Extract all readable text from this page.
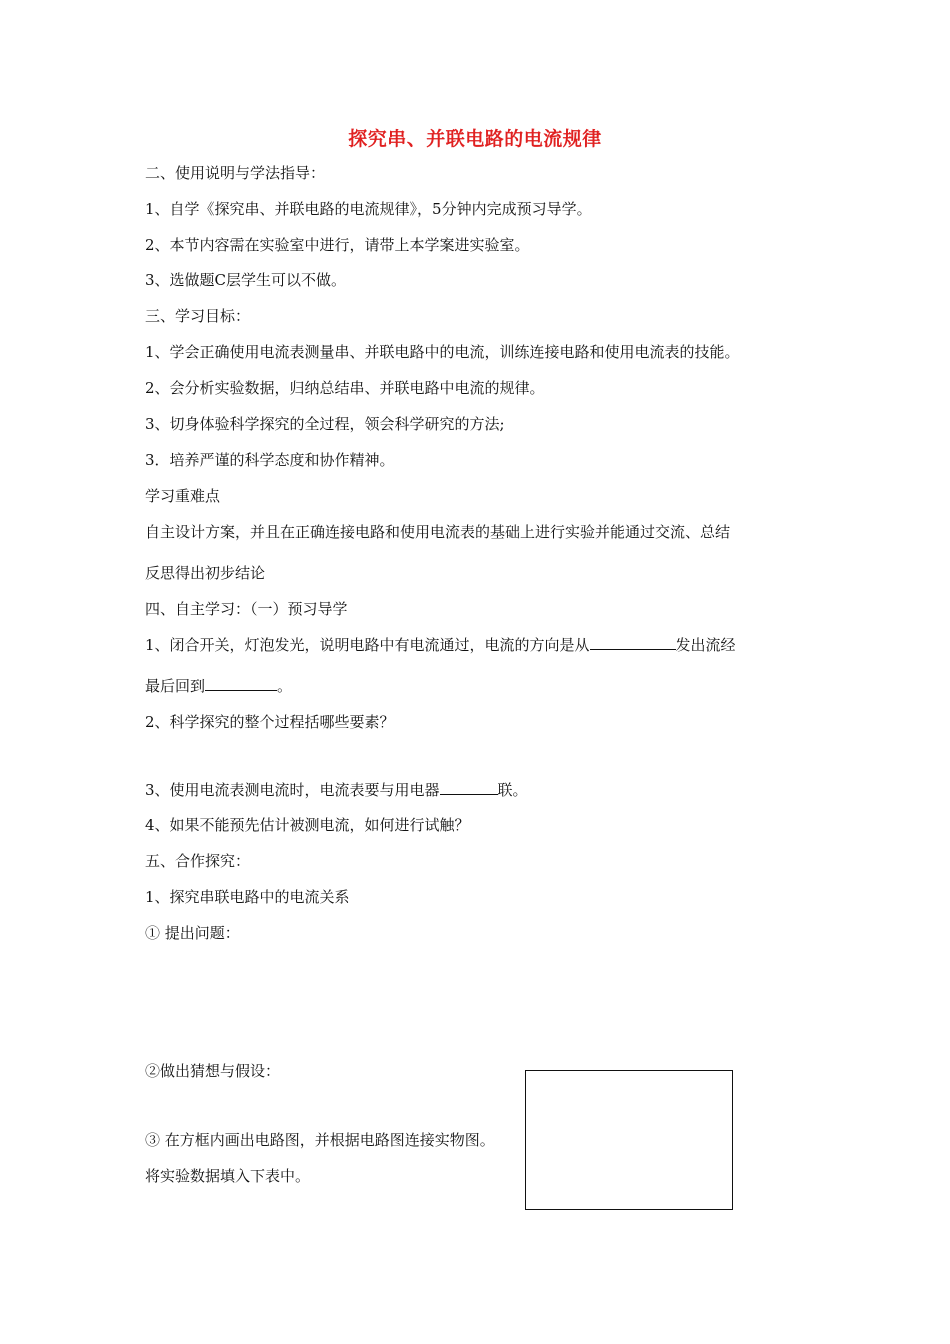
探究串、并联电路的电流规律
二、使用说明与学法指导：
1、自学《探究串、并联电路的电流规律》，5分钟内完成预习导学。
2、本节内容需在实验室中进行，请带上本学案进实验室。
3、选做题C层学生可以不做。
三、学习目标：
1、学会正确使用电流表测量串、并联电路中的电流，训练连接电路和使用电流表的技能。
2、会分析实验数据，归纳总结串、并联电路中电流的规律。
3、切身体验科学探究的全过程，领会科学研究的方法;
3．培养严谨的科学态度和协作精神。
学习重难点
自主设计方案，并且在正确连接电路和使用电流表的基础上进行实验并能通过交流、总结
反思得出初步结论
四、自主学习：（一）预习导学
1、闭合开关，灯泡发光，说明电路中有电流通过，电流的方向是从	发出流经
最后回到	。
2、科学探究的整个过程括哪些要素？
3、使用电流表测电流时，电流表要与用电器	联。
4、如果不能预先估计被测电流，如何进行试触？
五、合作探究：
1、探究串联电路中的电流关系
① 提出问题：
②做出猜想与假设：
③ 在方框内画出电路图，并根据电路图连接实物图。
将实验数据填入下表中。
